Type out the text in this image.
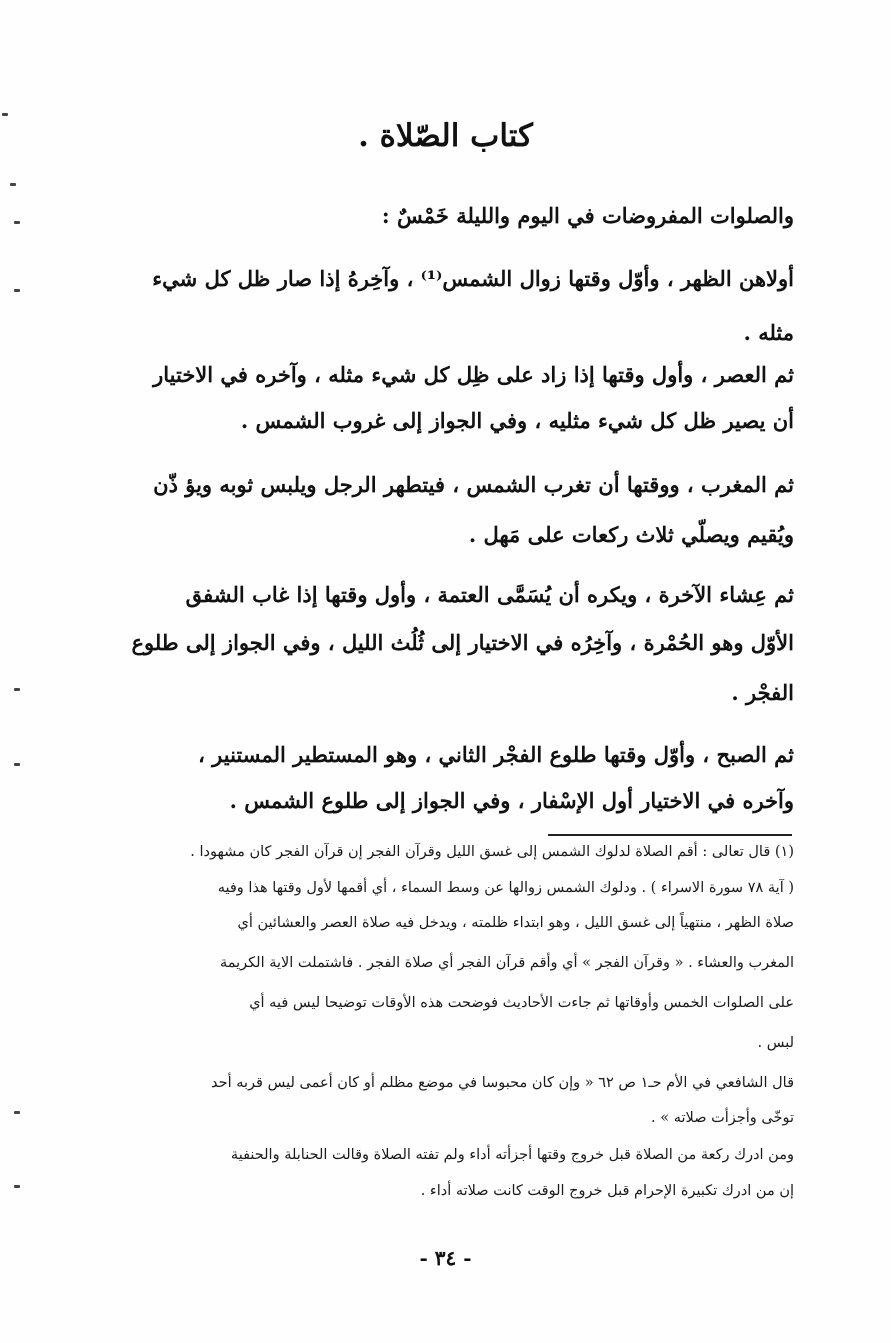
كتاب الصّلاة .
والصلوات المفروضات في اليوم والليلة خَمْسٌ :
أولاهن الظهر ، وأوّل وقتها زوال الشمس⁽¹⁾ ، وآخِرهُ إذا صار ظل كل شيء
مثله .
ثم العصر ، وأول وقتها إذا زاد على ظِل كل شيء مثله ، وآخره في الاختيار
أن يصير ظل كل شيء مثليه ، وفي الجواز إلى غروب الشمس .
ثم المغرب ، ووقتها أن تغرب الشمس ، فيتطهر الرجل ويلبس ثوبه ويؤ ذّن
ويُقيم ويصلّي ثلاث ركعات على مَهل .
ثم عِشاء الآخرة ، ويكره أن يُسَمَّى العتمة ، وأول وقتها إذا غاب الشفق
الأوّل وهو الحُمْرة ، وآخِرُه في الاختيار إلى ثُلُث الليل ، وفي الجواز إلى طلوع
الفجْر .
ثم الصبح ، وأوّل وقتها طلوع الفجْر الثاني ، وهو المستطير المستنير ،
وآخره في الاختيار أول الإسْفار ، وفي الجواز إلى طلوع الشمس .
(١) قال تعالى : أقم الصلاة لدلوك الشمس إلى غسق الليل وقرآن الفجر إن قرآن الفجر كان مشهودا .
( آية ٧٨ سورة الاسراء ) . ودلوك الشمس زوالها عن وسط السماء ، أي أقمها لأول وقتها هذا وفيه
صلاة الظهر ، منتهياً إلى غسق الليل ، وهو ابتداء ظلمته ، ويدخل فيه صلاة العصر والعشائين أي
المغرب والعشاء . « وقرآن الفجر » أي وأقم قرآن الفجر أي صلاة الفجر . فاشتملت الاية الكريمة
على الصلوات الخمس وأوقاتها ثم جاءت الأحاديث فوضحت هذه الأوقات توضيحا ليس فيه أي
لبس .
قال الشافعي في الأم حـ١ ص ٦٢ « وإن كان محبوسا في موضع مظلم أو كان أعمى ليس قربه أحد
توخّى وأجزأت صلاته » .
ومن ادرك ركعة من الصلاة قبل خروج وقتها أجزأته أداء ولم تفته الصلاة وقالت الحنابلة والحنفية
إن من ادرك تكبيرة الإحرام قبل خروج الوقت كانت صلاته أداء .
- ٣٤ -
